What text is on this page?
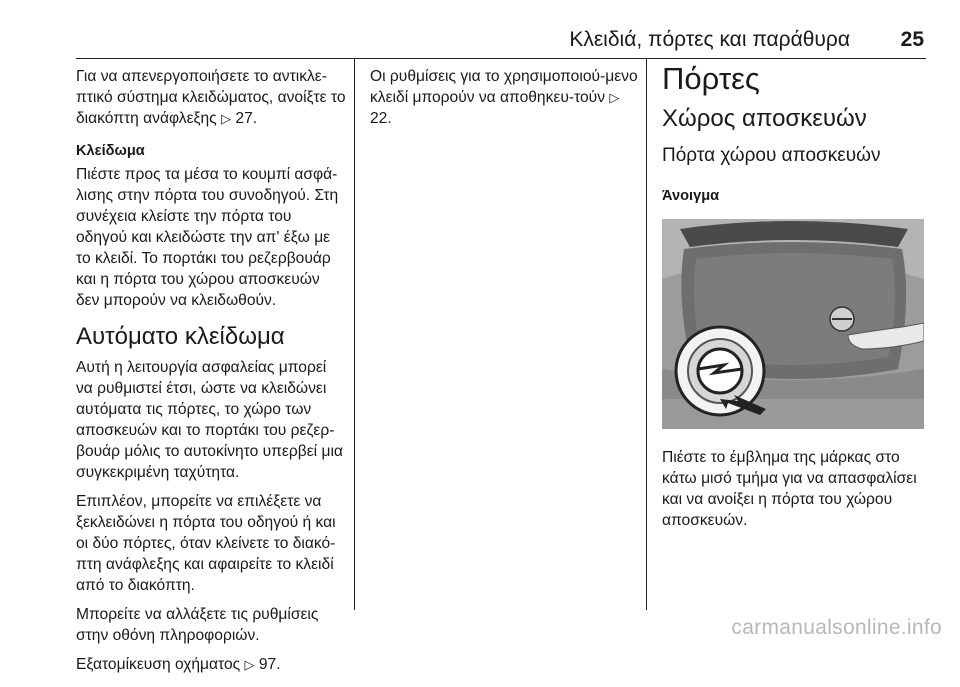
Κλειδιά, πόρτες και παράθυρα 25

Για να απενεργοποιήσετε το αντικλε-πτικό σύστημα κλειδώματος, ανοίξτε το διακόπτη ανάφλεξης ▷ 27.

Κλείδωμα

Πιέστε προς τα μέσα το κουμπί ασφά-λισης στην πόρτα του συνοδηγού. Στη συνέχεια κλείστε την πόρτα του οδηγού και κλειδώστε την απ' έξω με το κλειδί. Το πορτάκι του ρεζερβουάρ και η πόρτα του χώρου αποσκευών δεν μπορούν να κλειδωθούν.

Αυτόματο κλείδωμα

Αυτή η λειτουργία ασφαλείας μπορεί να ρυθμιστεί έτσι, ώστε να κλειδώνει αυτόματα τις πόρτες, το χώρο των αποσκευών και το πορτάκι του ρεζερ-βουάρ μόλις το αυτοκίνητο υπερβεί μια συγκεκριμένη ταχύτητα.

Επιπλέον, μπορείτε να επιλέξετε να ξεκλειδώνει η πόρτα του οδηγού ή και οι δύο πόρτες, όταν κλείνετε το διακό-πτη ανάφλεξης και αφαιρείτε το κλειδί από το διακόπτη.

Μπορείτε να αλλάξετε τις ρυθμίσεις στην οθόνη πληροφοριών.

Εξατομίκευση οχήματος ▷ 97.

Οι ρυθμίσεις για το χρησιμοποιού-μενο κλειδί μπορούν να αποθηκευ-τούν ▷ 22.

Πόρτες
Χώρος αποσκευών
Πόρτα χώρου αποσκευών
Άνοιγμα

Πιέστε το έμβλημα της μάρκας στο κάτω μισό τμήμα για να απασφαλίσει και να ανοίξει η πόρτα του χώρου αποσκευών.

carmanualsonline.info
